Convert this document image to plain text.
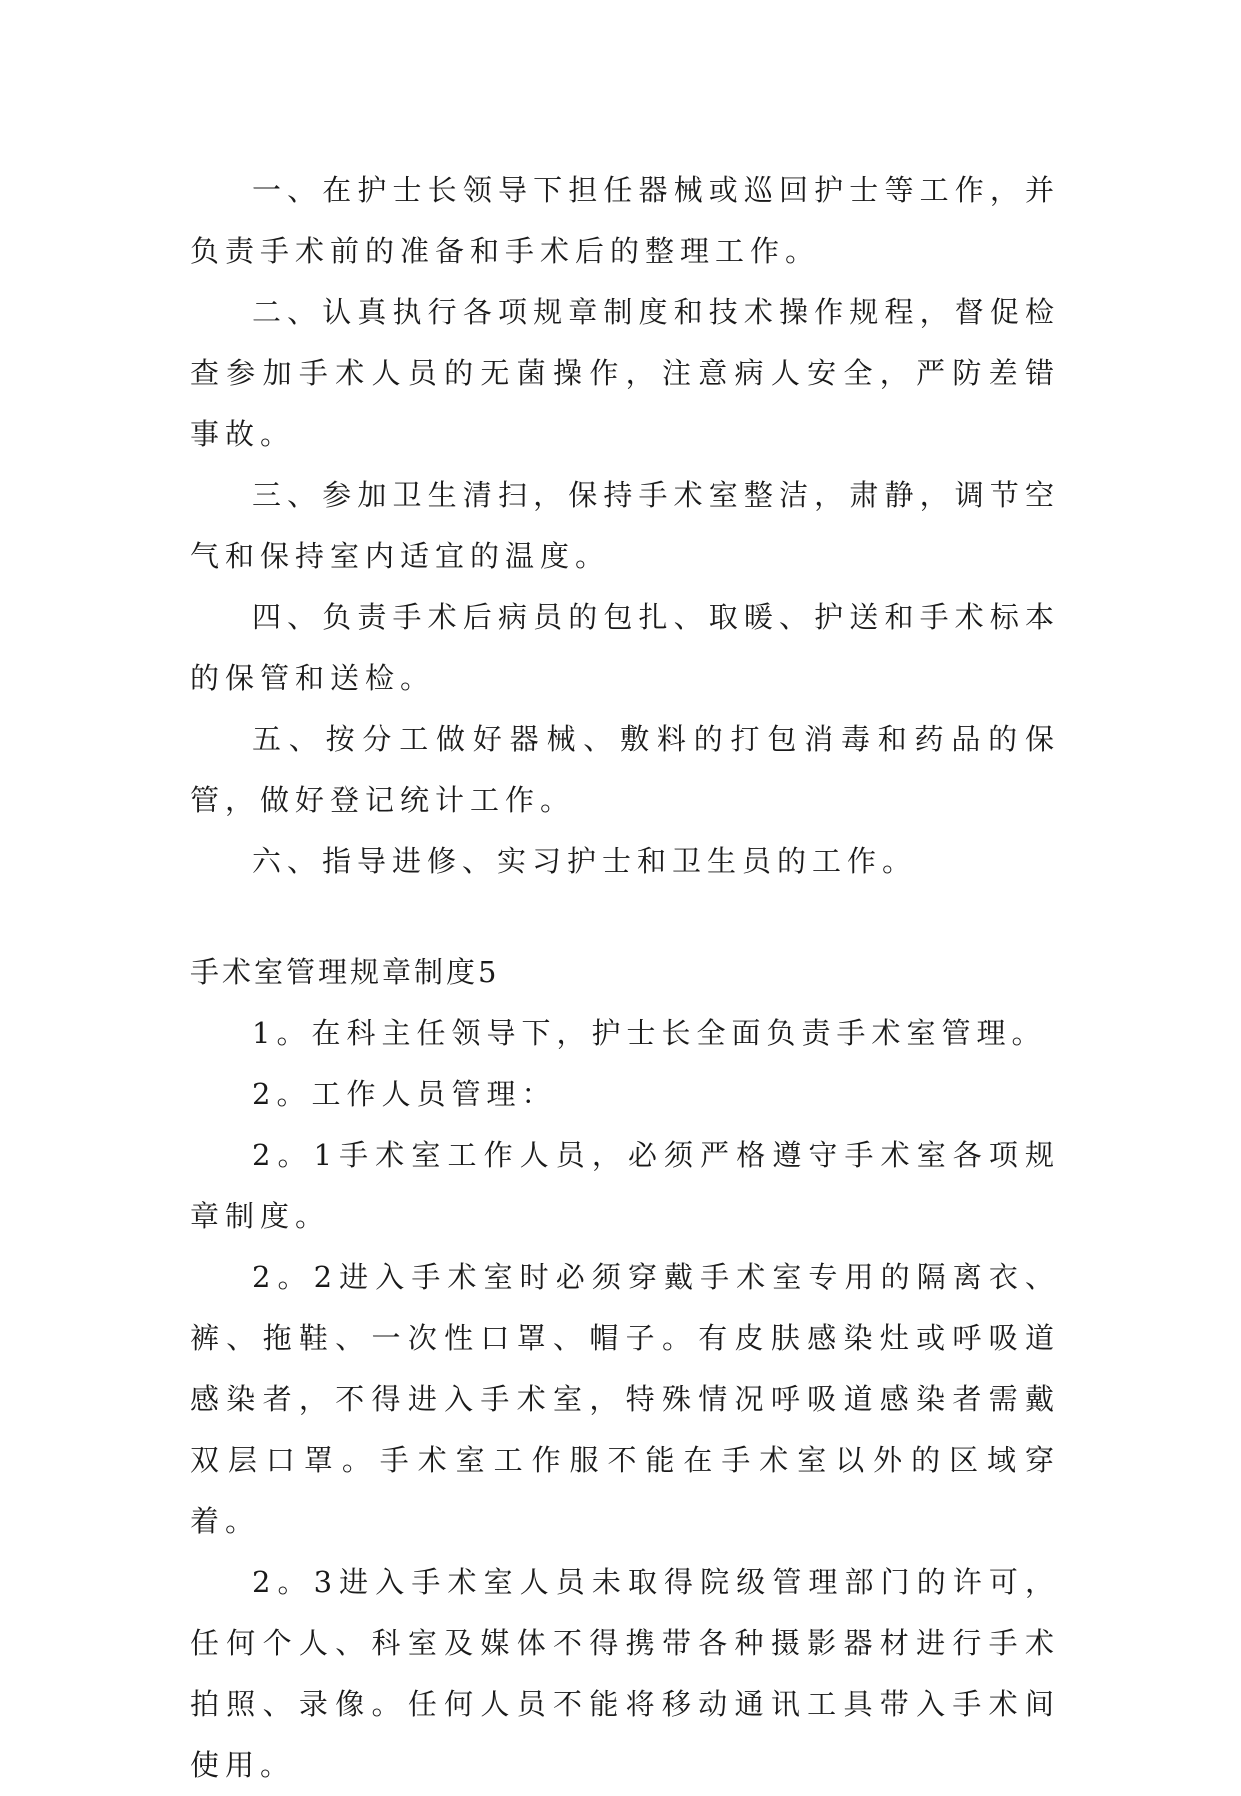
一、在护士长领导下担任器械或巡回护士等工作，并负责手术前的准备和手术后的整理工作。

二、认真执行各项规章制度和技术操作规程，督促检查参加手术人员的无菌操作，注意病人安全，严防差错事故。

三、参加卫生清扫，保持手术室整洁，肃静，调节空气和保持室内适宜的温度。

四、负责手术后病员的包扎、取暖、护送和手术标本的保管和送检。

五、按分工做好器械、敷料的打包消毒和药品的保管，做好登记统计工作。

六、指导进修、实习护士和卫生员的工作。

手术室管理规章制度5

1。在科主任领导下，护士长全面负责手术室管理。

2。工作人员管理：

2。1手术室工作人员，必须严格遵守手术室各项规章制度。

2。2进入手术室时必须穿戴手术室专用的隔离衣、裤、拖鞋、一次性口罩、帽子。有皮肤感染灶或呼吸道感染者，不得进入手术室，特殊情况呼吸道感染者需戴双层口罩。手术室工作服不能在手术室以外的区域穿着。

2。3进入手术室人员未取得院级管理部门的许可，任何个人、科室及媒体不得携带各种摄影器材进行手术拍照、录像。任何人员不能将移动通讯工具带入手术间使用。
